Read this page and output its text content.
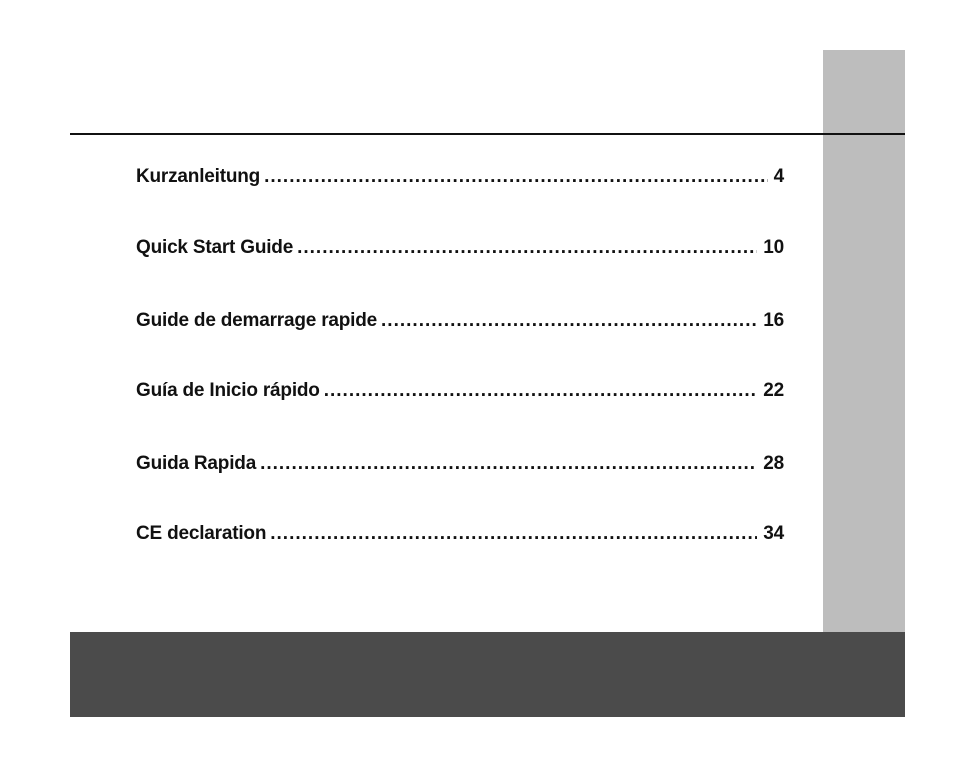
Kurzanleitung .....	4
Quick Start Guide .....	10
Guide de demarrage rapide .....	16
Guía de Inicio rápido .....	22
Guida Rapida .....	28
CE declaration .....	34
